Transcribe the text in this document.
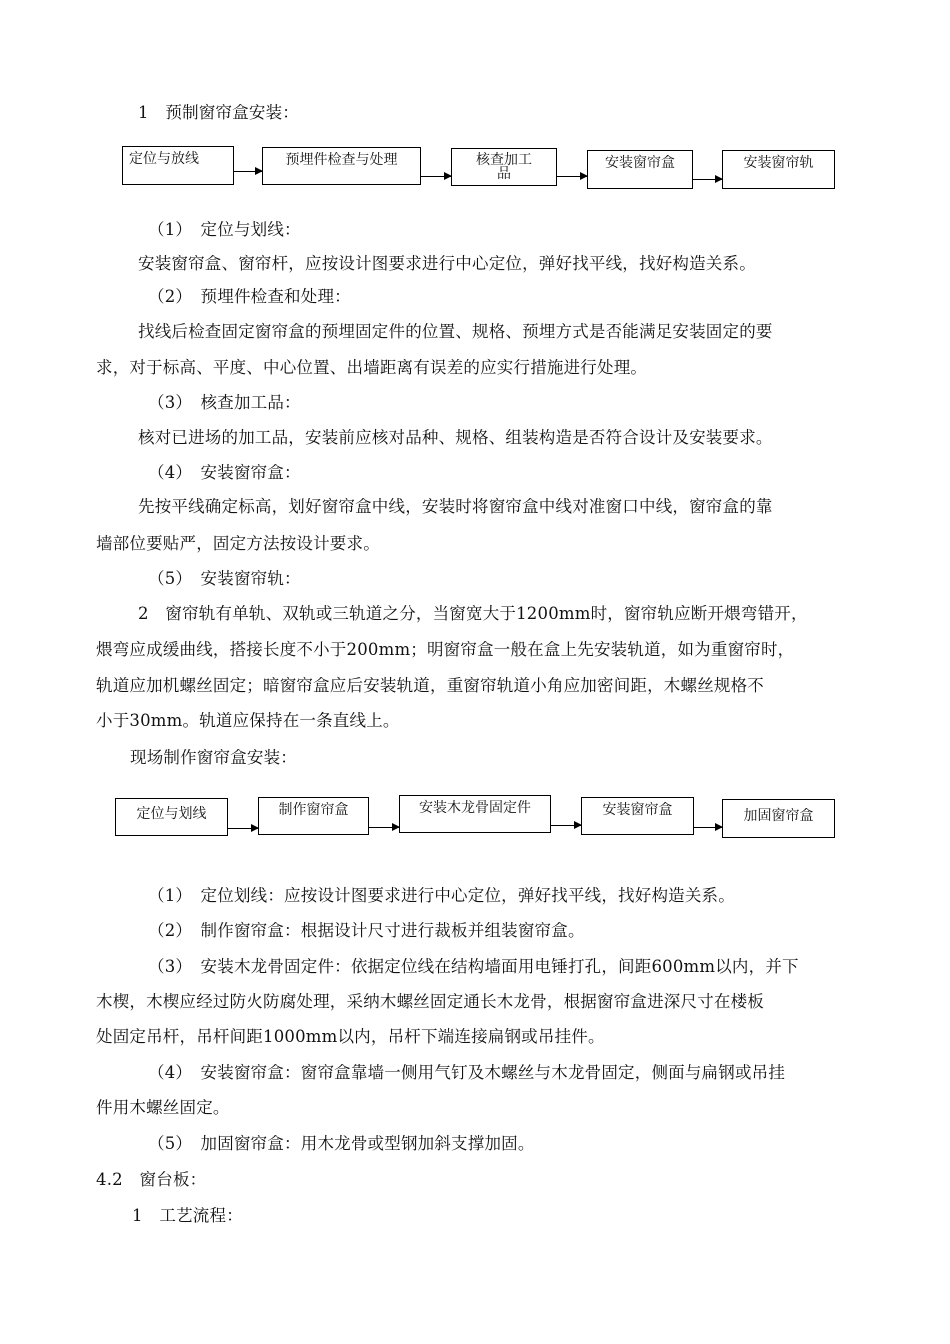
1　预制窗帘盒安装：
定位与放线	预埋件检查与处理	核查加工
品
安装窗帘盒	安装窗帘轨
（1）　定位与划线：
安装窗帘盒、窗帘杆，应按设计图要求进行中心定位，弹好找平线，找好构造关系。
（2）　预埋件检查和处理：
找线后检查固定窗帘盒的预埋固定件的位置、规格、预埋方式是否能满足安装固定的要
求，对于标高、平度、中心位置、出墙距离有误差的应实行措施进行处理。
（3）　核查加工品：
核对已进场的加工品，安装前应核对品种、规格、组装构造是否符合设计及安装要求。
（4）　安装窗帘盒：
先按平线确定标高，划好窗帘盒中线，安装时将窗帘盒中线对准窗口中线，窗帘盒的靠
墙部位要贴严，固定方法按设计要求。
（5）　安装窗帘轨：
2　窗帘轨有单轨、双轨或三轨道之分，当窗宽大于1200mm时，窗帘轨应断开煨弯错开，
煨弯应成缓曲线，搭接长度不小于200mm；明窗帘盒一般在盒上先安装轨道，如为重窗帘时，
轨道应加机螺丝固定；暗窗帘盒应后安装轨道，重窗帘轨道小角应加密间距，木螺丝规格不
小于30mm。轨道应保持在一条直线上。
现场制作窗帘盒安装：
定位与划线	制作窗帘盒	安装木龙骨固定件	安装窗帘盒	加固窗帘盒
（1）　定位划线：应按设计图要求进行中心定位，弹好找平线，找好构造关系。
（2）　制作窗帘盒：根据设计尺寸进行裁板并组装窗帘盒。
（3）　安装木龙骨固定件：依据定位线在结构墙面用电锤打孔，间距600mm以内，并下
木楔，木楔应经过防火防腐处理，采纳木螺丝固定通长木龙骨，根据窗帘盒进深尺寸在楼板
处固定吊杆，吊杆间距1000mm以内，吊杆下端连接扁钢或吊挂件。
（4）　安装窗帘盒：窗帘盒靠墙一侧用气钉及木螺丝与木龙骨固定，侧面与扁钢或吊挂
件用木螺丝固定。
（5）　加固窗帘盒：用木龙骨或型钢加斜支撑加固。
4.2　窗台板：
1　工艺流程：
